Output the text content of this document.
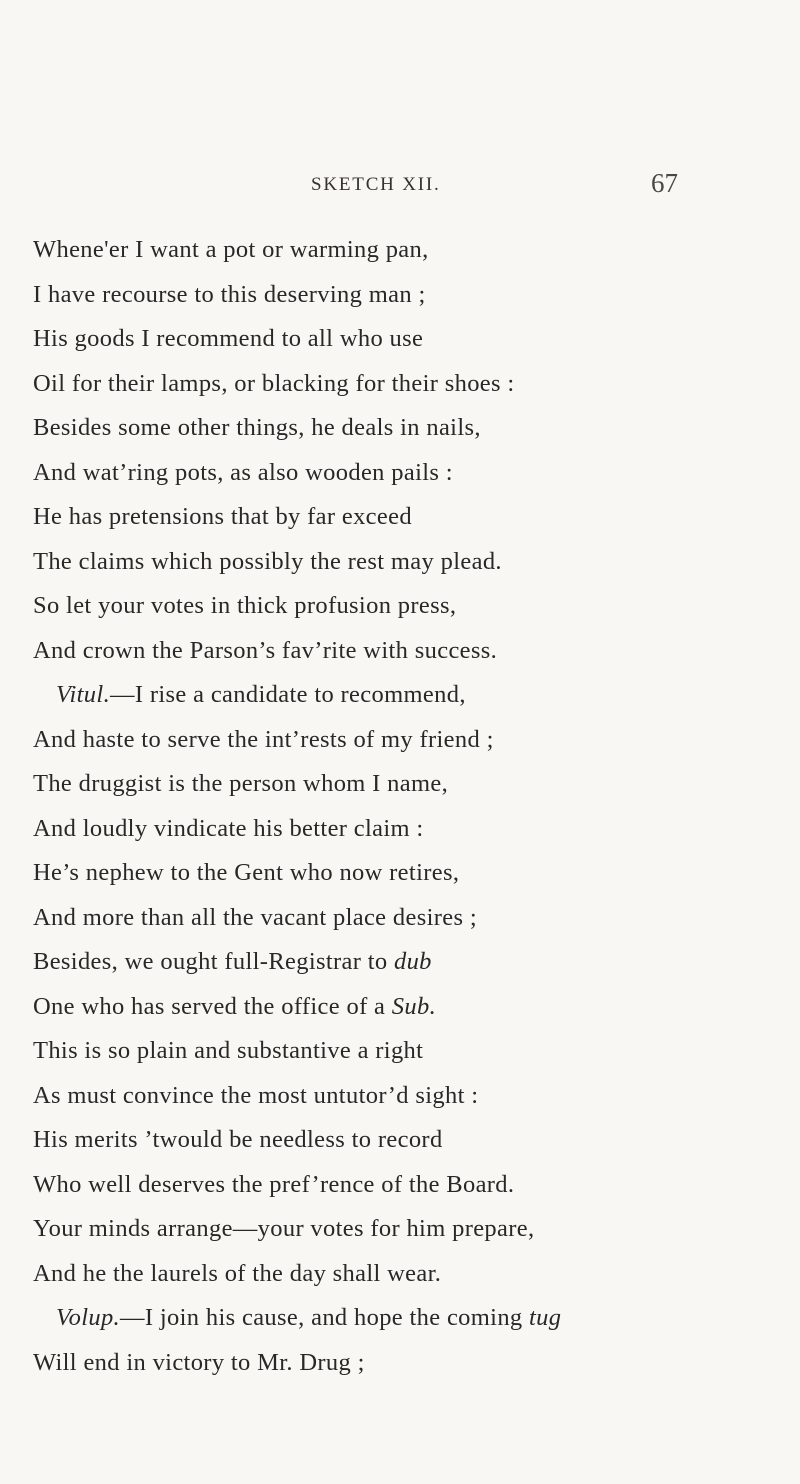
SKETCH XII.	67
Whene'er I want a pot or warming pan,
I have recourse to this deserving man ;
His goods I recommend to all who use
Oil for their lamps, or blacking for their shoes :
Besides some other things, he deals in nails,
And wat’ring pots, as also wooden pails :
He has pretensions that by far exceed
The claims which possibly the rest may plead.
So let your votes in thick profusion press,
And crown the Parson’s fav’rite with success.
Vitul.—I rise a candidate to recommend,
And haste to serve the int’rests of my friend ;
The druggist is the person whom I name,
And loudly vindicate his better claim :
He’s nephew to the Gent who now retires,
And more than all the vacant place desires ;
Besides, we ought full-Registrar to dub
One who has served the office of a Sub.
This is so plain and substantive a right
As must convince the most untutor’d sight :
His merits ’twould be needless to record
Who well deserves the pref’rence of the Board.
Your minds arrange—your votes for him prepare,
And he the laurels of the day shall wear.
Volup.—I join his cause, and hope the coming tug
Will end in victory to Mr. Drug ;
